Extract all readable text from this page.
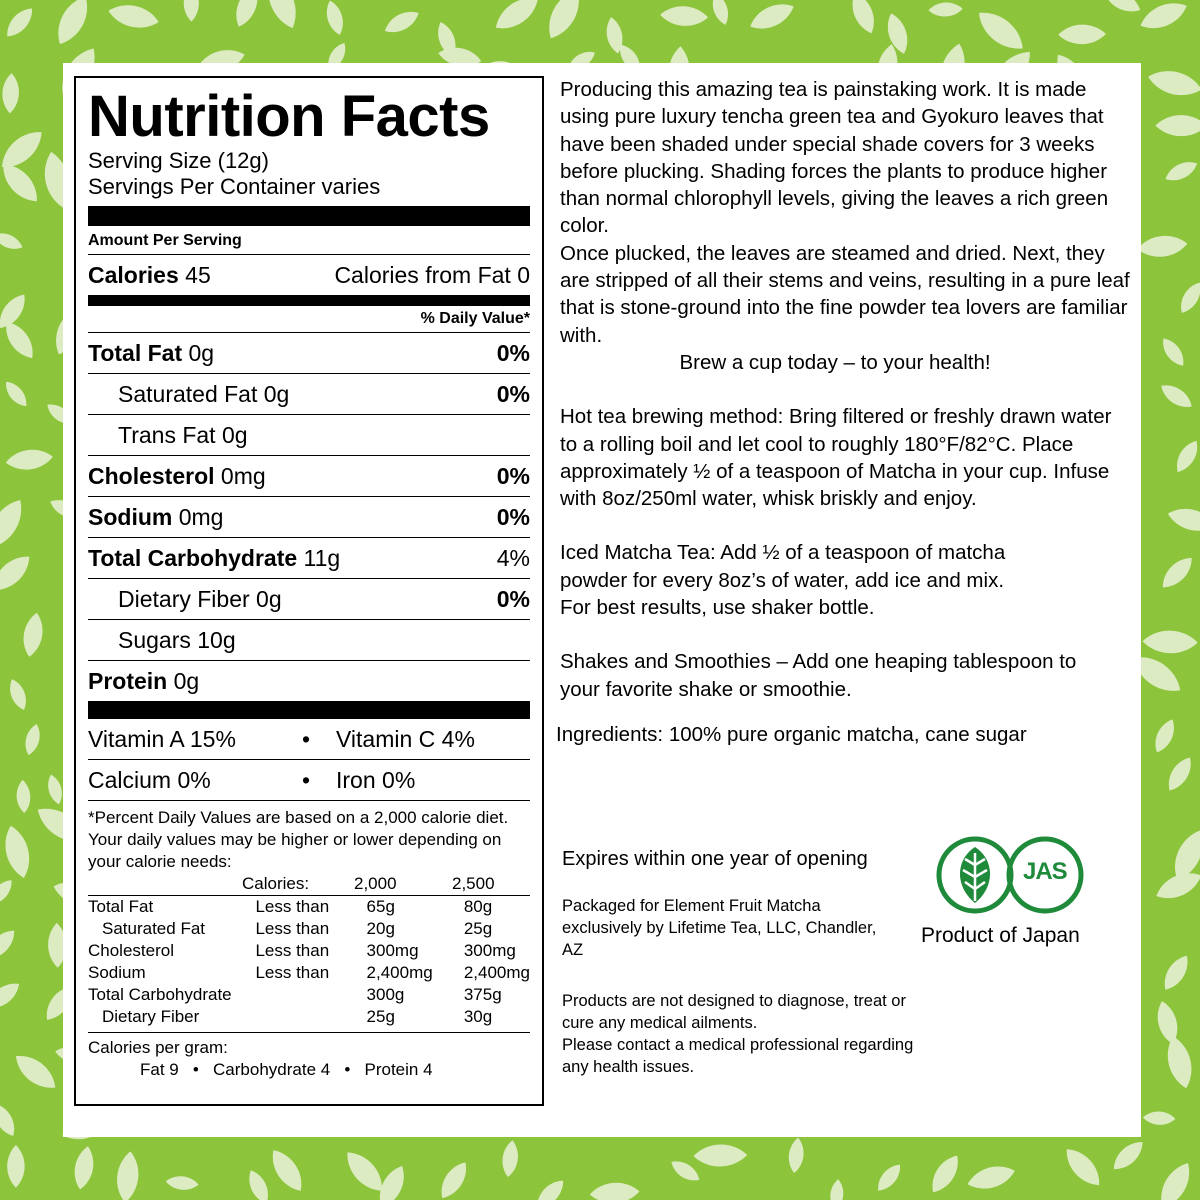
Nutrition Facts
Serving Size (12g)
Servings Per Container varies
Amount Per Serving
Calories 45	Calories from Fat 0
% Daily Value*
Total Fat 0g	0%
Saturated Fat 0g	0%
Trans Fat 0g
Cholesterol 0mg	0%
Sodium 0mg	0%
Total Carbohydrate 11g	4%
Dietary Fiber 0g	0%
Sugars 10g
Protein 0g
Vitamin A 15%	•	Vitamin C 4%
Calcium 0%	•	Iron 0%
*Percent Daily Values are based on a 2,000 calorie diet. Your daily values may be higher or lower depending on your calorie needs:
	Calories:	2,000	2,500
Total Fat	Less than	65g	80g
Saturated Fat	Less than	20g	25g
Cholesterol	Less than	300mg	300mg
Sodium	Less than	2,400mg	2,400mg
Total Carbohydrate		300g	375g
Dietary Fiber		25g	30g
Calories per gram:
Fat 9   •   Carbohydrate 4   •   Protein 4

Producing this amazing tea is painstaking work. It is made using pure luxury tencha green tea and Gyokuro leaves that have been shaded under special shade covers for 3 weeks before plucking. Shading forces the plants to produce higher than normal chlorophyll levels, giving the leaves a rich green color.

Once plucked, the leaves are steamed and dried. Next, they are stripped of all their stems and veins, resulting in a pure leaf that is stone-ground into the fine powder tea lovers are familiar with.

Brew a cup today – to your health!

Hot tea brewing method: Bring filtered or freshly drawn water to a rolling boil and let cool to roughly 180°F/82°C. Place approximately ½ of a teaspoon of Matcha in your cup. Infuse with 8oz/250ml water, whisk briskly and enjoy.

Iced Matcha Tea: Add ½ of a teaspoon of matcha powder for every 8oz’s of water, add ice and mix.

For best results, use shaker bottle.

Shakes and Smoothies – Add one heaping tablespoon to your favorite shake or smoothie.

Ingredients: 100% pure organic matcha, cane sugar

Expires within one year of opening
Packaged for Element Fruit Matcha exclusively by Lifetime Tea, LLC, Chandler, AZ
Products are not designed to diagnose, treat or cure any medical ailments.
Please contact a medical professional regarding any health issues.
JAS
Product of Japan
